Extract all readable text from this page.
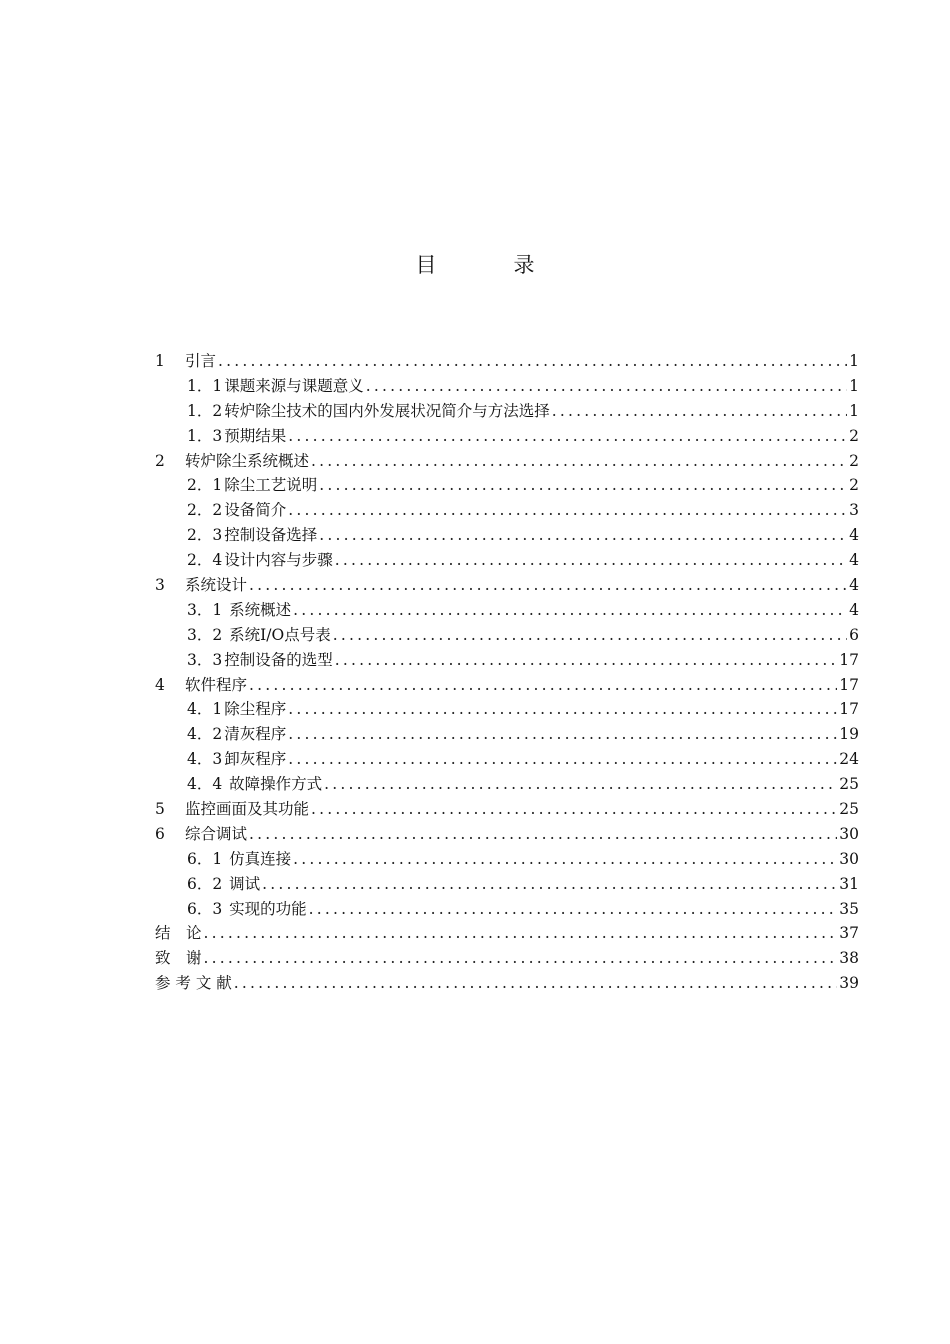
目　录
1	引言 .....	1
1．1 课题来源与课题意义 .....	1
1．2 转炉除尘技术的国内外发展状况简介与方法选择 .....	1
1．3 预期结果 .....	2
2	转炉除尘系统概述 .....	2
2．1 除尘工艺说明 .....	2
2．2 设备简介 .....	3
2．3 控制设备选择 .....	4
2．4 设计内容与步骤 .....	4
3	系统设计 .....	4
3．1 系统概述 .....	4
3．2 系统I/O点号表 .....	6
3．3 控制设备的选型 .....	17
4	软件程序 .....	17
4．1 除尘程序 .....	17
4．2 清灰程序 .....	19
4．3 卸灰程序 .....	24
4．4 故障操作方式 .....	25
5	监控画面及其功能 .....	25
6	综合调试 .....	30
6．1 仿真连接 .....	30
6．2 调试 .....	31
6．3 实现的功能 .....	35
结　论 .....	37
致　谢 .....	38
参 考 文 献 .....	39
